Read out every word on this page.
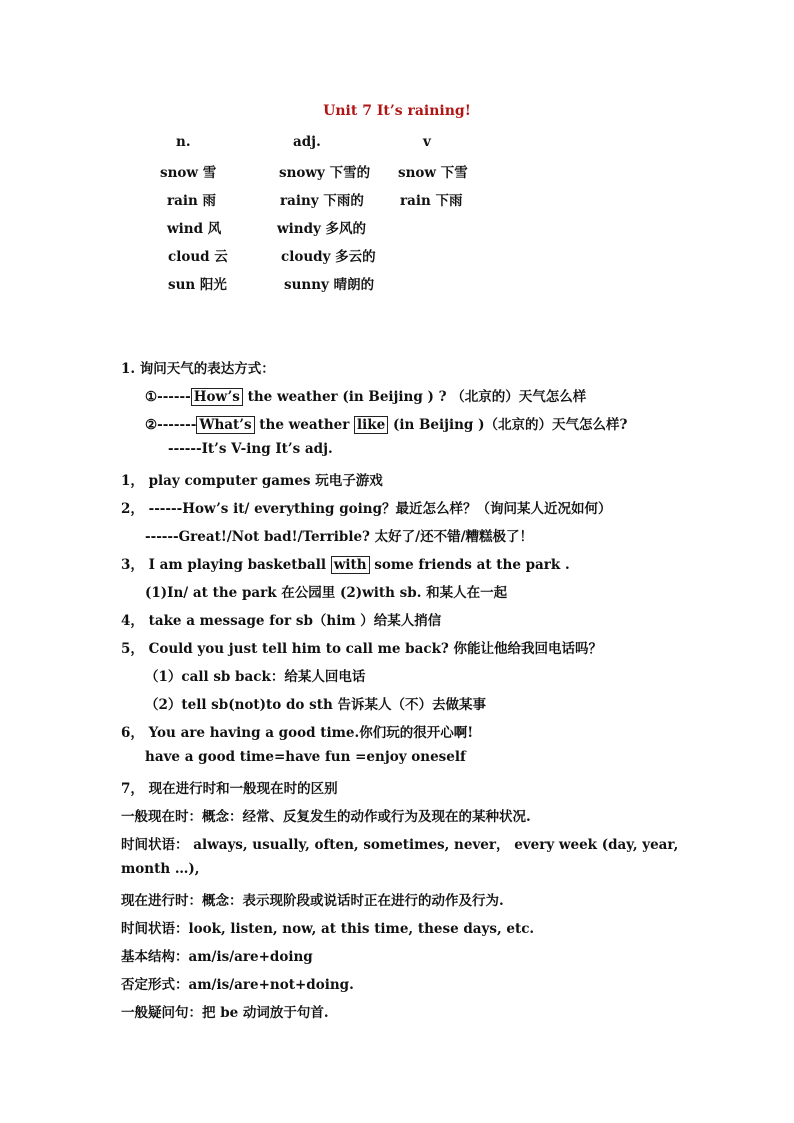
Unit 7 It’s raining!
n.	adj.	v
snow 雪	snowy 下雪的 snow 下雪
rain 雨	rainy 下雨的	rain 下雨
wind 风	windy 多风的
cloud 云	cloudy 多云的
sun 阳光	sunny 晴朗的
1. 询问天气的表达方式：
①------ How’s the weather (in Beijing ) ? （北京的）天气怎么样
②------- What’s the weather like (in Beijing )（北京的）天气怎么样?
------It’s V-ing It’s adj.
1， play computer games 玩电子游戏
2， ------How’s it/ everything going？最近怎么样？（询问某人近况如何）
------Great!/Not bad!/Terrible? 太好了/还不错/糟糕极了！
3， I am playing basketball with some friends at the park .
(1)In/ at the park 在公园里 (2)with sb. 和某人在一起
4， take a message for sb（him ）给某人捎信
5， Could you just tell him to call me back? 你能让他给我回电话吗？
（1）call sb back：给某人回电话
（2）tell sb(not)to do sth 告诉某人（不）去做某事
6， You are having a good time.你们玩的很开心啊!
have a good time=have fun =enjoy oneself
7， 现在进行时和一般现在时的区别
一般现在时：概念：经常、反复发生的动作或行为及现在的某种状况.
时间状语： always, usually, often, sometimes, never， every week (day, year,
month …),
现在进行时：概念：表示现阶段或说话时正在进行的动作及行为.
时间状语：look, listen, now, at this time, these days, etc.
基本结构：am/is/are+doing
否定形式：am/is/are+not+doing.
一般疑问句：把 be 动词放于句首.
